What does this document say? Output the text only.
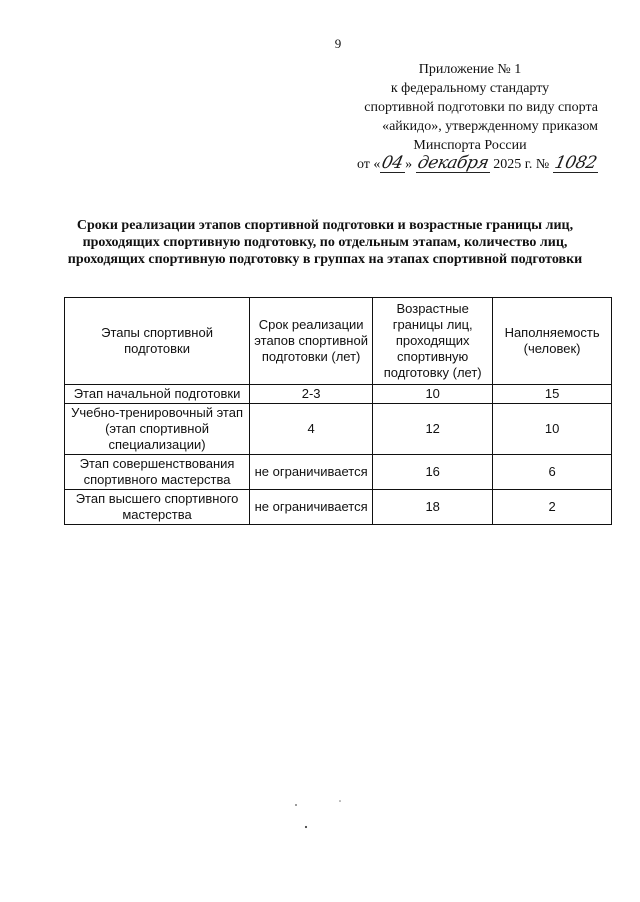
9
Приложение № 1
к федеральному стандарту
спортивной подготовки по виду спорта
«айкидо», утвержденному приказом
Минспорта России
от «04» декабря 2025 г. № 1082
Сроки реализации этапов спортивной подготовки и возрастные границы лиц, проходящих спортивную подготовку, по отдельным этапам, количество лиц, проходящих спортивную подготовку в группах на этапах спортивной подготовки
Этапы спортивной подготовки	Срок реализации этапов спортивной подготовки (лет)	Возрастные границы лиц, проходящих спортивную подготовку (лет)	Наполняемость (человек)
Этап начальной подготовки	2-3	10	15
Учебно-тренировочный этап (этап спортивной специализации)	4	12	10
Этап совершенствования спортивного мастерства	не ограничивается	16	6
Этап высшего спортивного мастерства	не ограничивается	18	2
